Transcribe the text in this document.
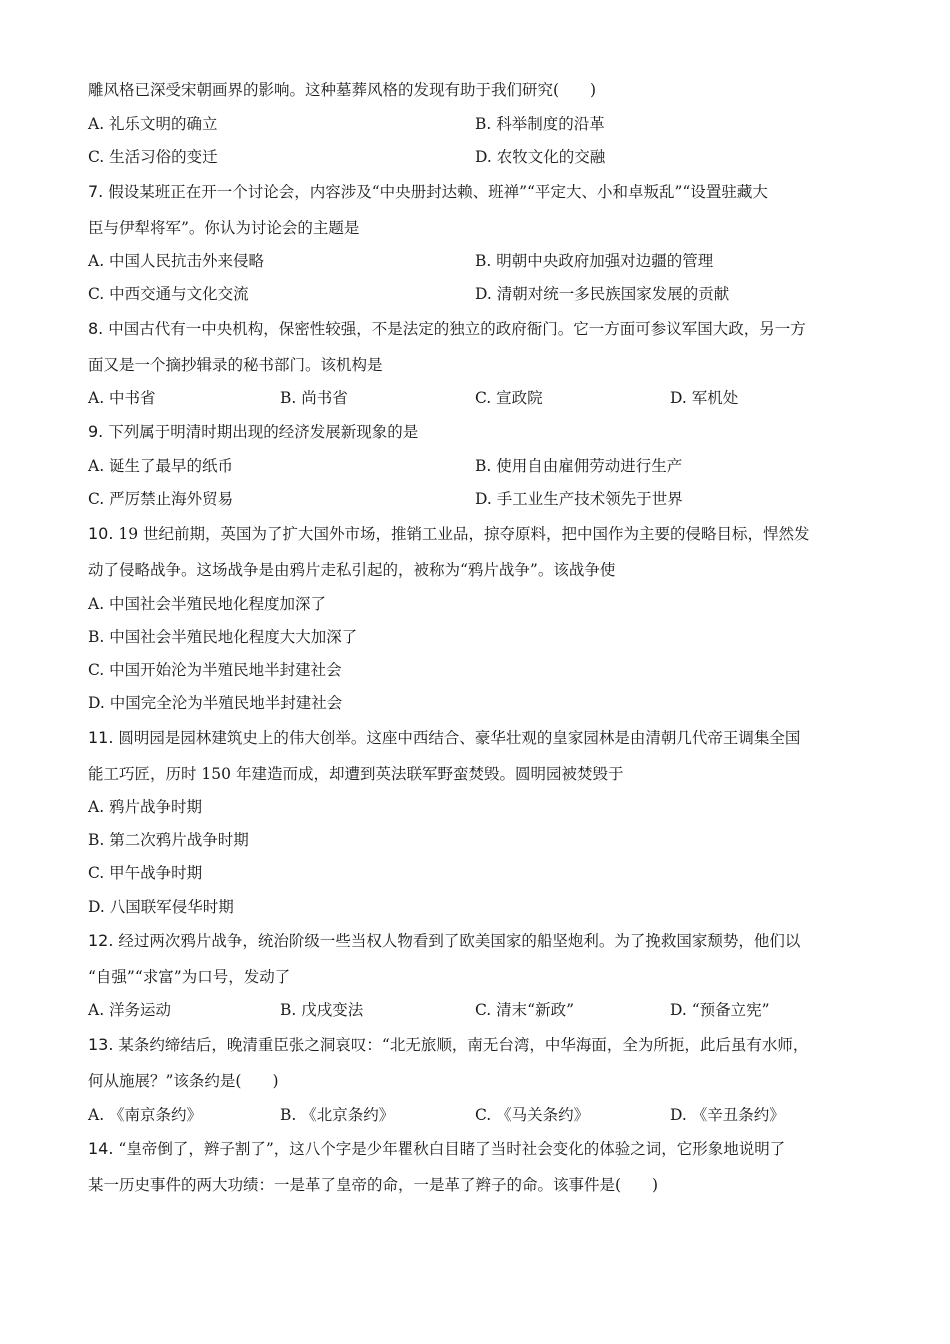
雕风格已深受宋朝画界的影响。这种墓葬风格的发现有助于我们研究(　　)
A. 礼乐文明的确立	B. 科举制度的沿革
C. 生活习俗的变迁	D. 农牧文化的交融
7. 假设某班正在开一个讨论会，内容涉及“中央册封达赖、班禅”“平定大、小和卓叛乱”“设置驻藏大
臣与伊犁将军”。你认为讨论会的主题是
A. 中国人民抗击外来侵略	B. 明朝中央政府加强对边疆的管理
C. 中西交通与文化交流	D. 清朝对统一多民族国家发展的贡献
8. 中国古代有一中央机构，保密性较强，不是法定的独立的政府衙门。它一方面可参议军国大政，另一方
面又是一个摘抄辑录的秘书部门。该机构是
A. 中书省	B. 尚书省	C. 宣政院	D. 军机处
9. 下列属于明清时期出现的经济发展新现象的是
A. 诞生了最早的纸币	B. 使用自由雇佣劳动进行生产
C. 严厉禁止海外贸易	D. 手工业生产技术领先于世界
10. 19 世纪前期，英国为了扩大国外市场，推销工业品，掠夺原料，把中国作为主要的侵略目标，悍然发
动了侵略战争。这场战争是由鸦片走私引起的，被称为“鸦片战争”。该战争使
A. 中国社会半殖民地化程度加深了
B. 中国社会半殖民地化程度大大加深了
C. 中国开始沦为半殖民地半封建社会
D. 中国完全沦为半殖民地半封建社会
11. 圆明园是园林建筑史上的伟大创举。这座中西结合、豪华壮观的皇家园林是由清朝几代帝王调集全国
能工巧匠，历时 150 年建造而成，却遭到英法联军野蛮焚毁。圆明园被焚毁于
A. 鸦片战争时期
B. 第二次鸦片战争时期
C. 甲午战争时期
D. 八国联军侵华时期
12. 经过两次鸦片战争，统治阶级一些当权人物看到了欧美国家的船坚炮利。为了挽救国家颓势，他们以
“自强”“求富”为口号，发动了
A. 洋务运动	B. 戊戌变法	C. 清末“新政”	D. “预备立宪”
13. 某条约缔结后，晚清重臣张之洞哀叹：“北无旅顺，南无台湾，中华海面，全为所扼，此后虽有水师，
何从施展？”该条约是(　　)
A. 《南京条约》	B. 《北京条约》	C. 《马关条约》	D. 《辛丑条约》
14. “皇帝倒了，辫子割了”，这八个字是少年瞿秋白目睹了当时社会变化的体验之词，它形象地说明了
某一历史事件的两大功绩：一是革了皇帝的命，一是革了辫子的命。该事件是(　　)
